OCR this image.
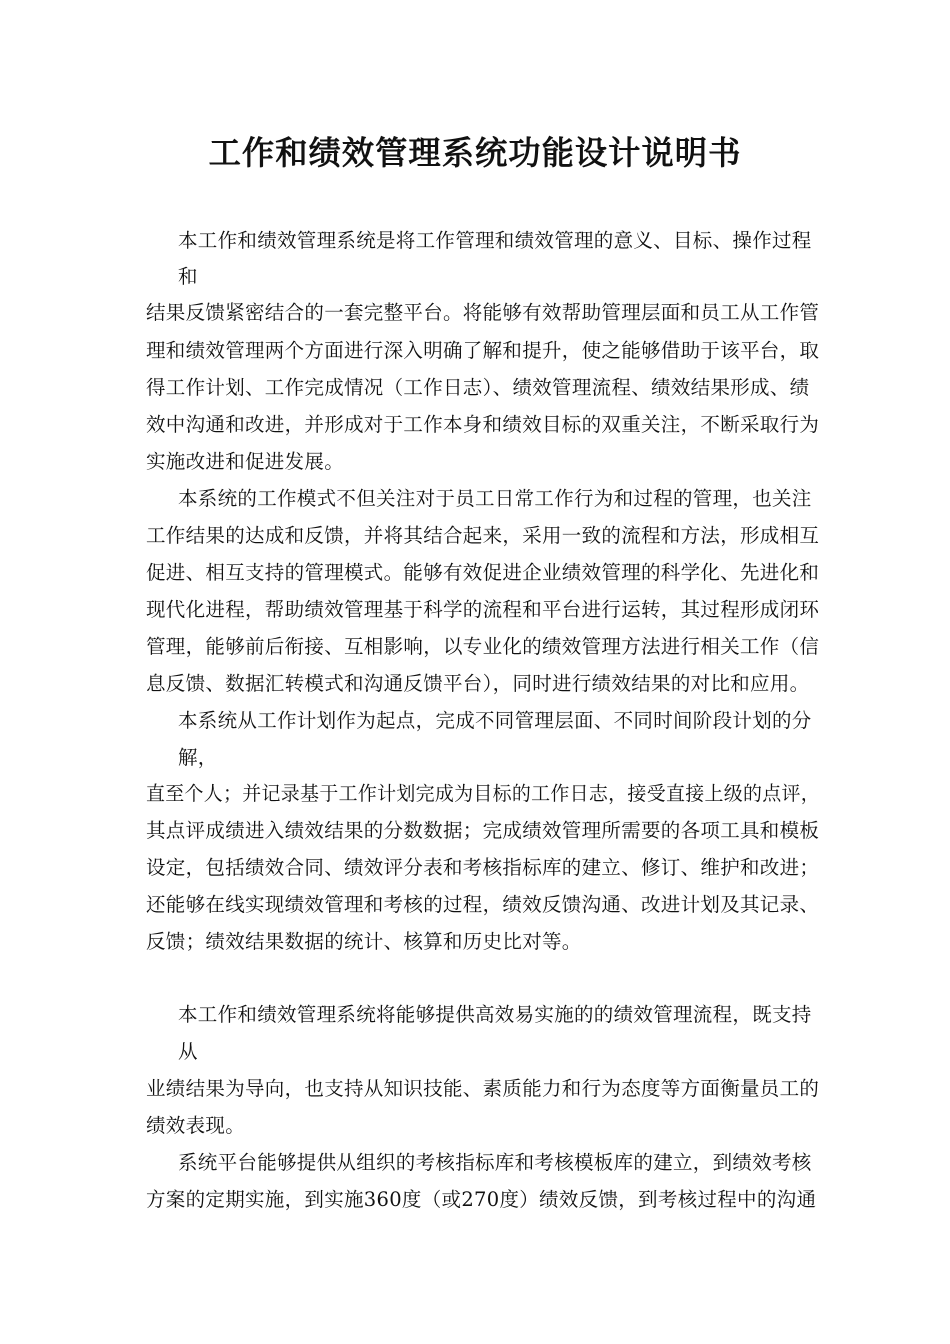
工作和绩效管理系统功能设计说明书
本工作和绩效管理系统是将工作管理和绩效管理的意义、目标、操作过程
和
结果反馈紧密结合的一套完整平台。将能够有效帮助管理层面和员工从工作管
理和绩效管理两个方面进行深入明确了解和提升，使之能够借助于该平台，取
得工作计划、工作完成情况（工作日志）、绩效管理流程、绩效结果形成、绩
效中沟通和改进，并形成对于工作本身和绩效目标的双重关注，不断采取行为
实施改进和促进发展。
本系统的工作模式不但关注对于员工日常工作行为和过程的管理，也关注
工作结果的达成和反馈，并将其结合起来，采用一致的流程和方法，形成相互
促进、相互支持的管理模式。能够有效促进企业绩效管理的科学化、先进化和
现代化进程，帮助绩效管理基于科学的流程和平台进行运转，其过程形成闭环
管理，能够前后衔接、互相影响，以专业化的绩效管理方法进行相关工作（信
息反馈、数据汇转模式和沟通反馈平台），同时进行绩效结果的对比和应用。
本系统从工作计划作为起点，完成不同管理层面、不同时间阶段计划的分
解，
直至个人；并记录基于工作计划完成为目标的工作日志，接受直接上级的点评，
其点评成绩进入绩效结果的分数数据；完成绩效管理所需要的各项工具和模板
设定，包括绩效合同、绩效评分表和考核指标库的建立、修订、维护和改进；
还能够在线实现绩效管理和考核的过程，绩效反馈沟通、改进计划及其记录、
反馈；绩效结果数据的统计、核算和历史比对等。
本工作和绩效管理系统将能够提供高效易实施的的绩效管理流程，既支持
从
业绩结果为导向，也支持从知识技能、素质能力和行为态度等方面衡量员工的
绩效表现。
系统平台能够提供从组织的考核指标库和考核模板库的建立，到绩效考核
方案的定期实施，到实施360度（或270度）绩效反馈，到考核过程中的沟通
